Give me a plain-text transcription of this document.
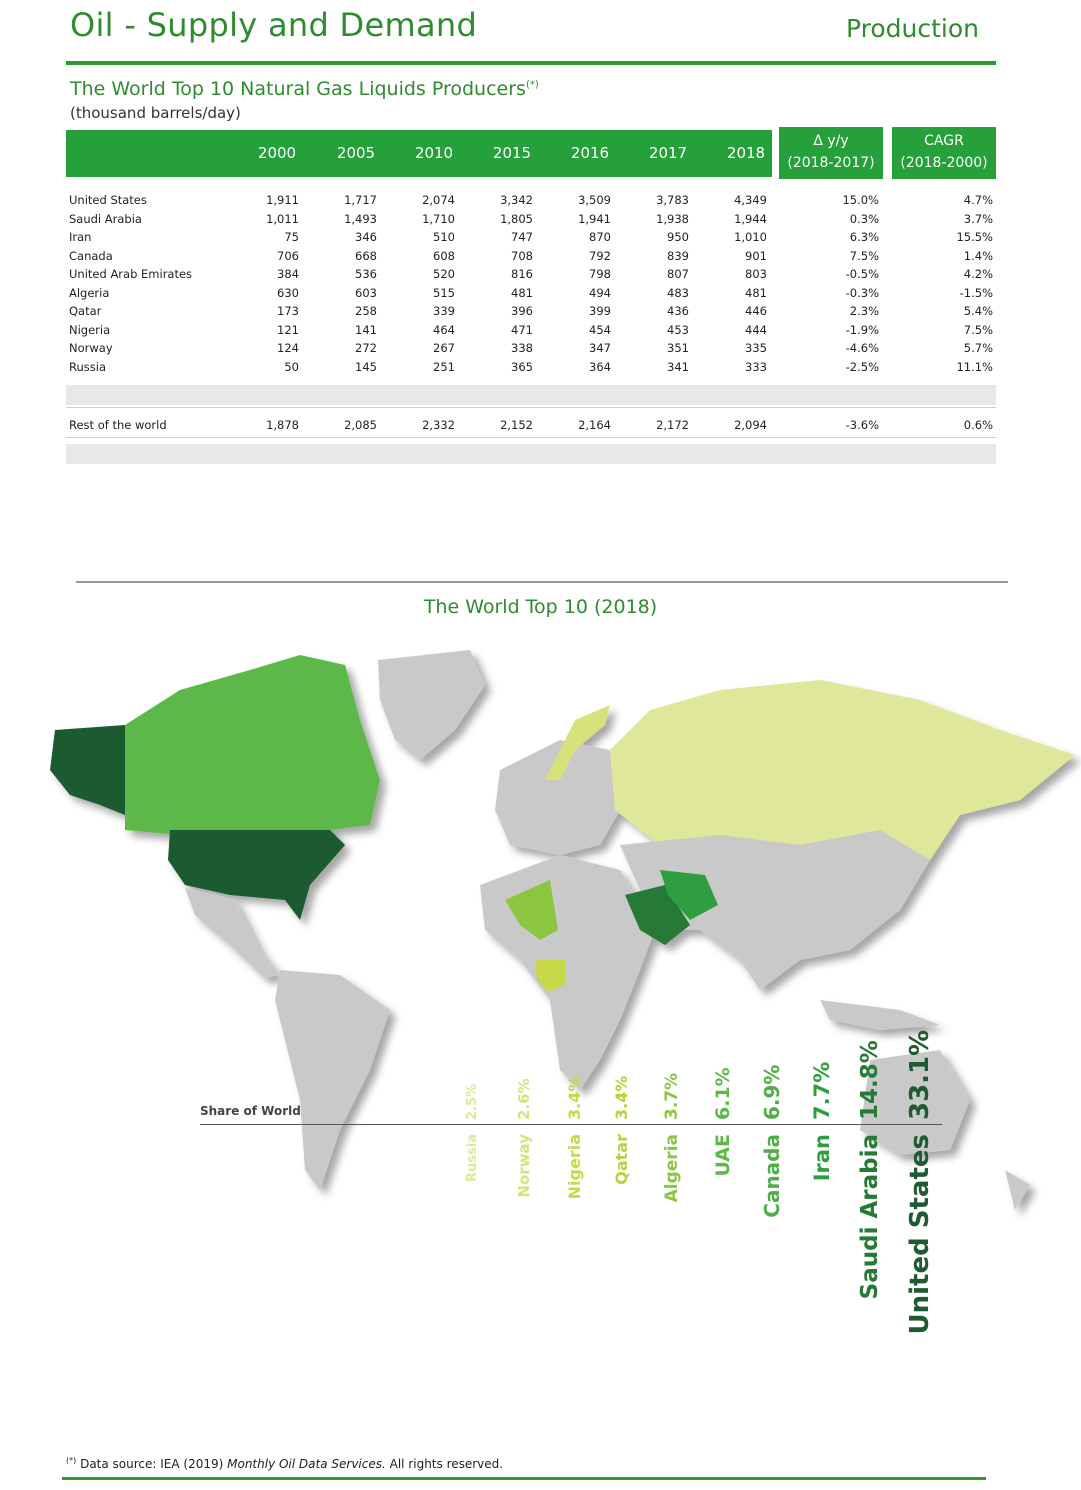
Oil - Supply and Demand	Production
The World Top 10 Natural Gas Liquids Producers(*)
(thousand barrels/day)
2000	2005	2010	2015	2016	2017	2018
Δ y/y
(2018-2017)
CAGR
(2018-2000)
United States	1,911	1,717	2,074	3,342	3,509	3,783	4,349	15.0%	4.7%
Saudi Arabia	1,011	1,493	1,710	1,805	1,941	1,938	1,944	0.3%	3.7%
Iran	75	346	510	747	870	950	1,010	6.3%	15.5%
Canada	706	668	608	708	792	839	901	7.5%	1.4%
United Arab Emirates	384	536	520	816	798	807	803	-0.5%	4.2%
Algeria	630	603	515	481	494	483	481	-0.3%	-1.5%
Qatar	173	258	339	396	399	436	446	2.3%	5.4%
Nigeria	121	141	464	471	454	453	444	-1.9%	7.5%
Norway	124	272	267	338	347	351	335	-4.6%	5.7%
Russia	50	145	251	365	364	341	333	-2.5%	11.1%
Rest of the world	1,878	2,085	2,332	2,152	2,164	2,172	2,094	-3.6%	0.6%
The World Top 10 (2018)
Share of World	2.5%
Russia
2.6%
Norway
3.4%
Nigeria
3.4%
Qatar
3.7%
Algeria
6.1%
UAE
6.9%
Canada
7.7%
Iran
14.8%
Saudi Arabia
33.1%
United States
(*) Data source: IEA (2019) Monthly Oil Data Services. All rights reserved.
